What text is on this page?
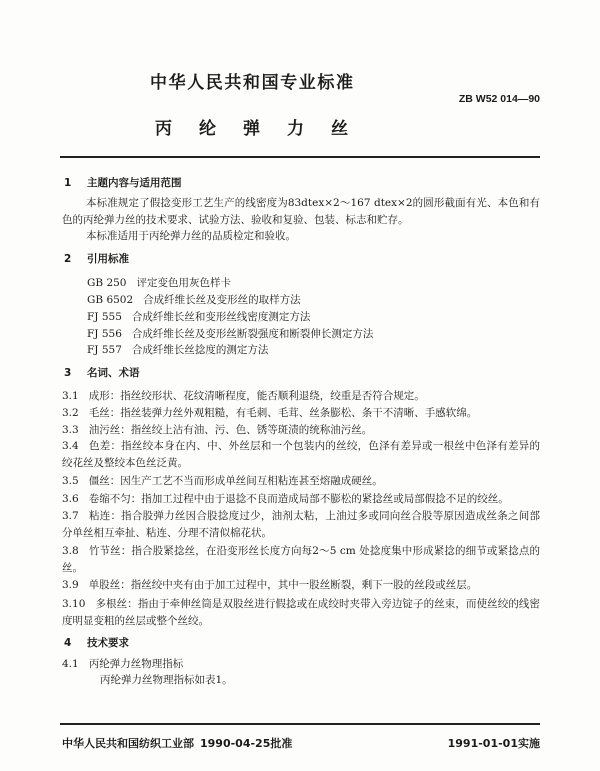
中华人民共和国专业标准
ZB W52 014—90
丙纶弹力丝
1 主题内容与适用范围
本标准规定了假捻变形工艺生产的线密度为83dtex×2～167 dtex×2的圆形截面有光、本色和有色的丙纶弹力丝的技术要求、试验方法、验收和复验、包装、标志和贮存。
本标准适用于丙纶弹力丝的品质检定和验收。
2 引用标准
GB 250 评定变色用灰色样卡
GB 6502 合成纤维长丝及变形丝的取样方法
FJ 555 合成纤维长丝和变形丝线密度测定方法
FJ 556 合成纤维长丝及变形丝断裂强度和断裂伸长测定方法
FJ 557 合成纤维长丝捻度的测定方法
3 名词、术语
3.1 成形：指丝绞形状、花纹清晰程度，能否顺利退绕，绞重是否符合规定。
3.2 毛丝：指丝装弹力丝外观粗糙，有毛刺、毛茸、丝条膨松、条干不清晰、手感软绵。
3.3 油污丝：指丝绞上沾有油、污、色、锈等斑渍的统称油污丝。
3.4 色差：指丝绞本身在内、中、外丝层和一个包装内的丝绞，色泽有差异或一根丝中色泽有差异的绞花丝及整绞本色丝泛黄。
3.5 僵丝：因生产工艺不当而形成单丝间互相粘连甚至熔融成硬丝。
3.6 卷缩不匀：指加工过程中由于退捻不良而造成局部不膨松的紧捻丝或局部假捻不足的绞丝。
3.7 粘连：指合股弹力丝因合股捻度过少，油剂太粘，上油过多或同向丝合股等原因造成丝条之间部分单丝相互牵扯、粘连、分理不清似棉花状。
3.8 竹节丝：指合股紧捻丝，在沿变形丝长度方向每2～5 cm 处捻度集中形成紧捻的细节或紧捻点的丝。
3.9 单股丝：指丝绞中夹有由于加工过程中，其中一股丝断裂，剩下一股的丝段或丝层。
3.10 多根丝：指由于牵伸丝筒是双股丝进行假捻或在成绞时夹带入旁边锭子的丝束，而使丝绞的线密度明显变粗的丝层或整个丝绞。
4 技术要求
4.1 丙纶弹力丝物理指标
丙纶弹力丝物理指标如表1。
中华人民共和国纺织工业部 1990-04-25批准	1991-01-01实施
